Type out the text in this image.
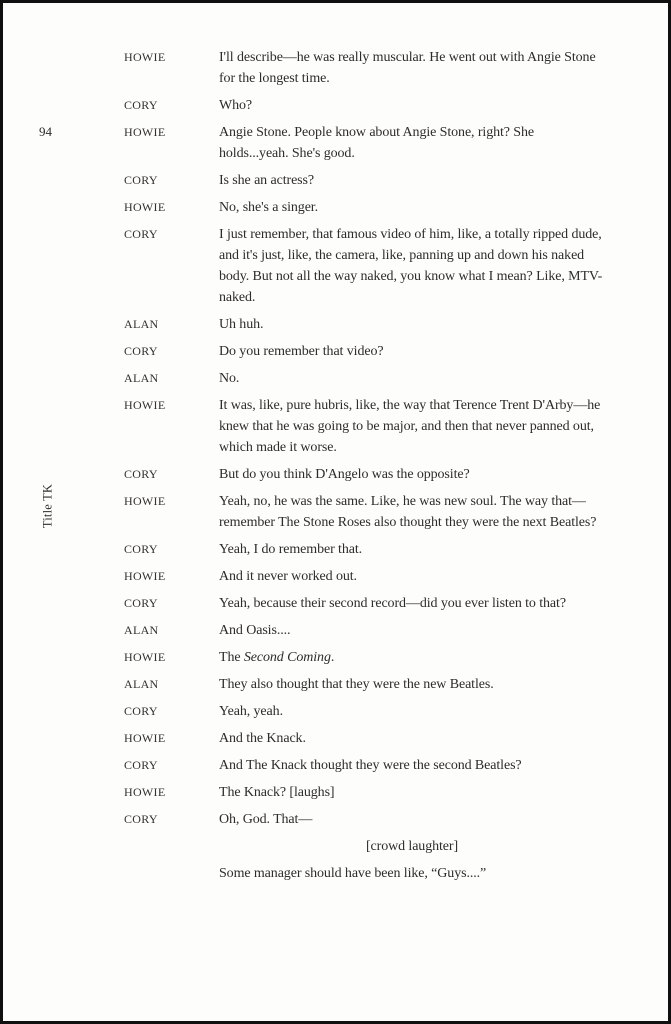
94
Title TK
HOWIE	I'll describe—he was really muscular. He went out with Angie Stone for the longest time.
CORY	Who?
HOWIE	Angie Stone. People know about Angie Stone, right? She holds...yeah. She's good.
CORY	Is she an actress?
HOWIE	No, she's a singer.
CORY	I just remember, that famous video of him, like, a totally ripped dude, and it's just, like, the camera, like, panning up and down his naked body. But not all the way naked, you know what I mean? Like, MTV-naked.
ALAN	Uh huh.
CORY	Do you remember that video?
ALAN	No.
HOWIE	It was, like, pure hubris, like, the way that Terence Trent D'Arby—he knew that he was going to be major, and then that never panned out, which made it worse.
CORY	But do you think D'Angelo was the opposite?
HOWIE	Yeah, no, he was the same. Like, he was new soul. The way that—remember The Stone Roses also thought they were the next Beatles?
CORY	Yeah, I do remember that.
HOWIE	And it never worked out.
CORY	Yeah, because their second record—did you ever listen to that?
ALAN	And Oasis....
HOWIE	The Second Coming.
ALAN	They also thought that they were the new Beatles.
CORY	Yeah, yeah.
HOWIE	And the Knack.
CORY	And The Knack thought they were the second Beatles?
HOWIE	The Knack? [laughs]
CORY	Oh, God. That—
[crowd laughter]
Some manager should have been like, “Guys....”
